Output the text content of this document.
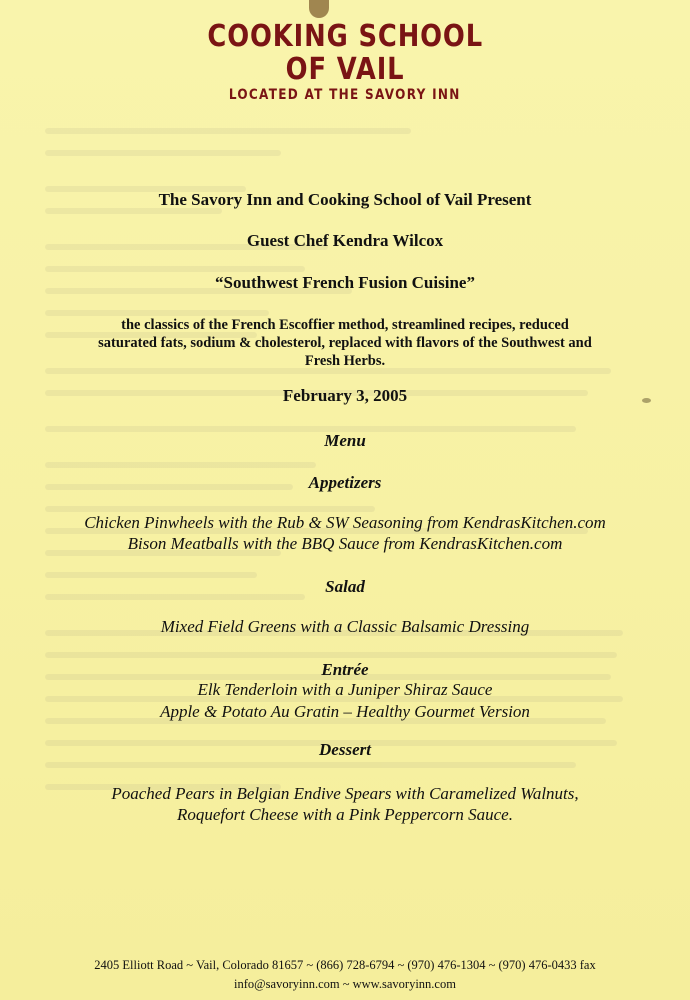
COOKING SCHOOL
OF VAIL
LOCATED AT THE SAVORY INN
The Savory Inn and Cooking School of Vail Present
Guest Chef Kendra Wilcox
“Southwest French Fusion Cuisine”
the classics of the French Escoffier method, streamlined recipes, reduced
saturated fats, sodium & cholesterol, replaced with flavors of the Southwest and
Fresh Herbs.
February 3, 2005
Menu
Appetizers
Chicken Pinwheels with the Rub & SW Seasoning from KendrasKitchen.com
Bison Meatballs with the BBQ Sauce from KendrasKitchen.com
Salad
Mixed Field Greens with a Classic Balsamic Dressing
Entrée
Elk Tenderloin with a Juniper Shiraz Sauce
Apple & Potato Au Gratin – Healthy Gourmet Version
Dessert
Poached Pears in Belgian Endive Spears with Caramelized Walnuts,
Roquefort Cheese with a Pink Peppercorn Sauce.
2405 Elliott Road ~ Vail, Colorado 81657 ~ (866) 728-6794 ~ (970) 476-1304 ~ (970) 476-0433 fax
info@savoryinn.com ~ www.savoryinn.com
